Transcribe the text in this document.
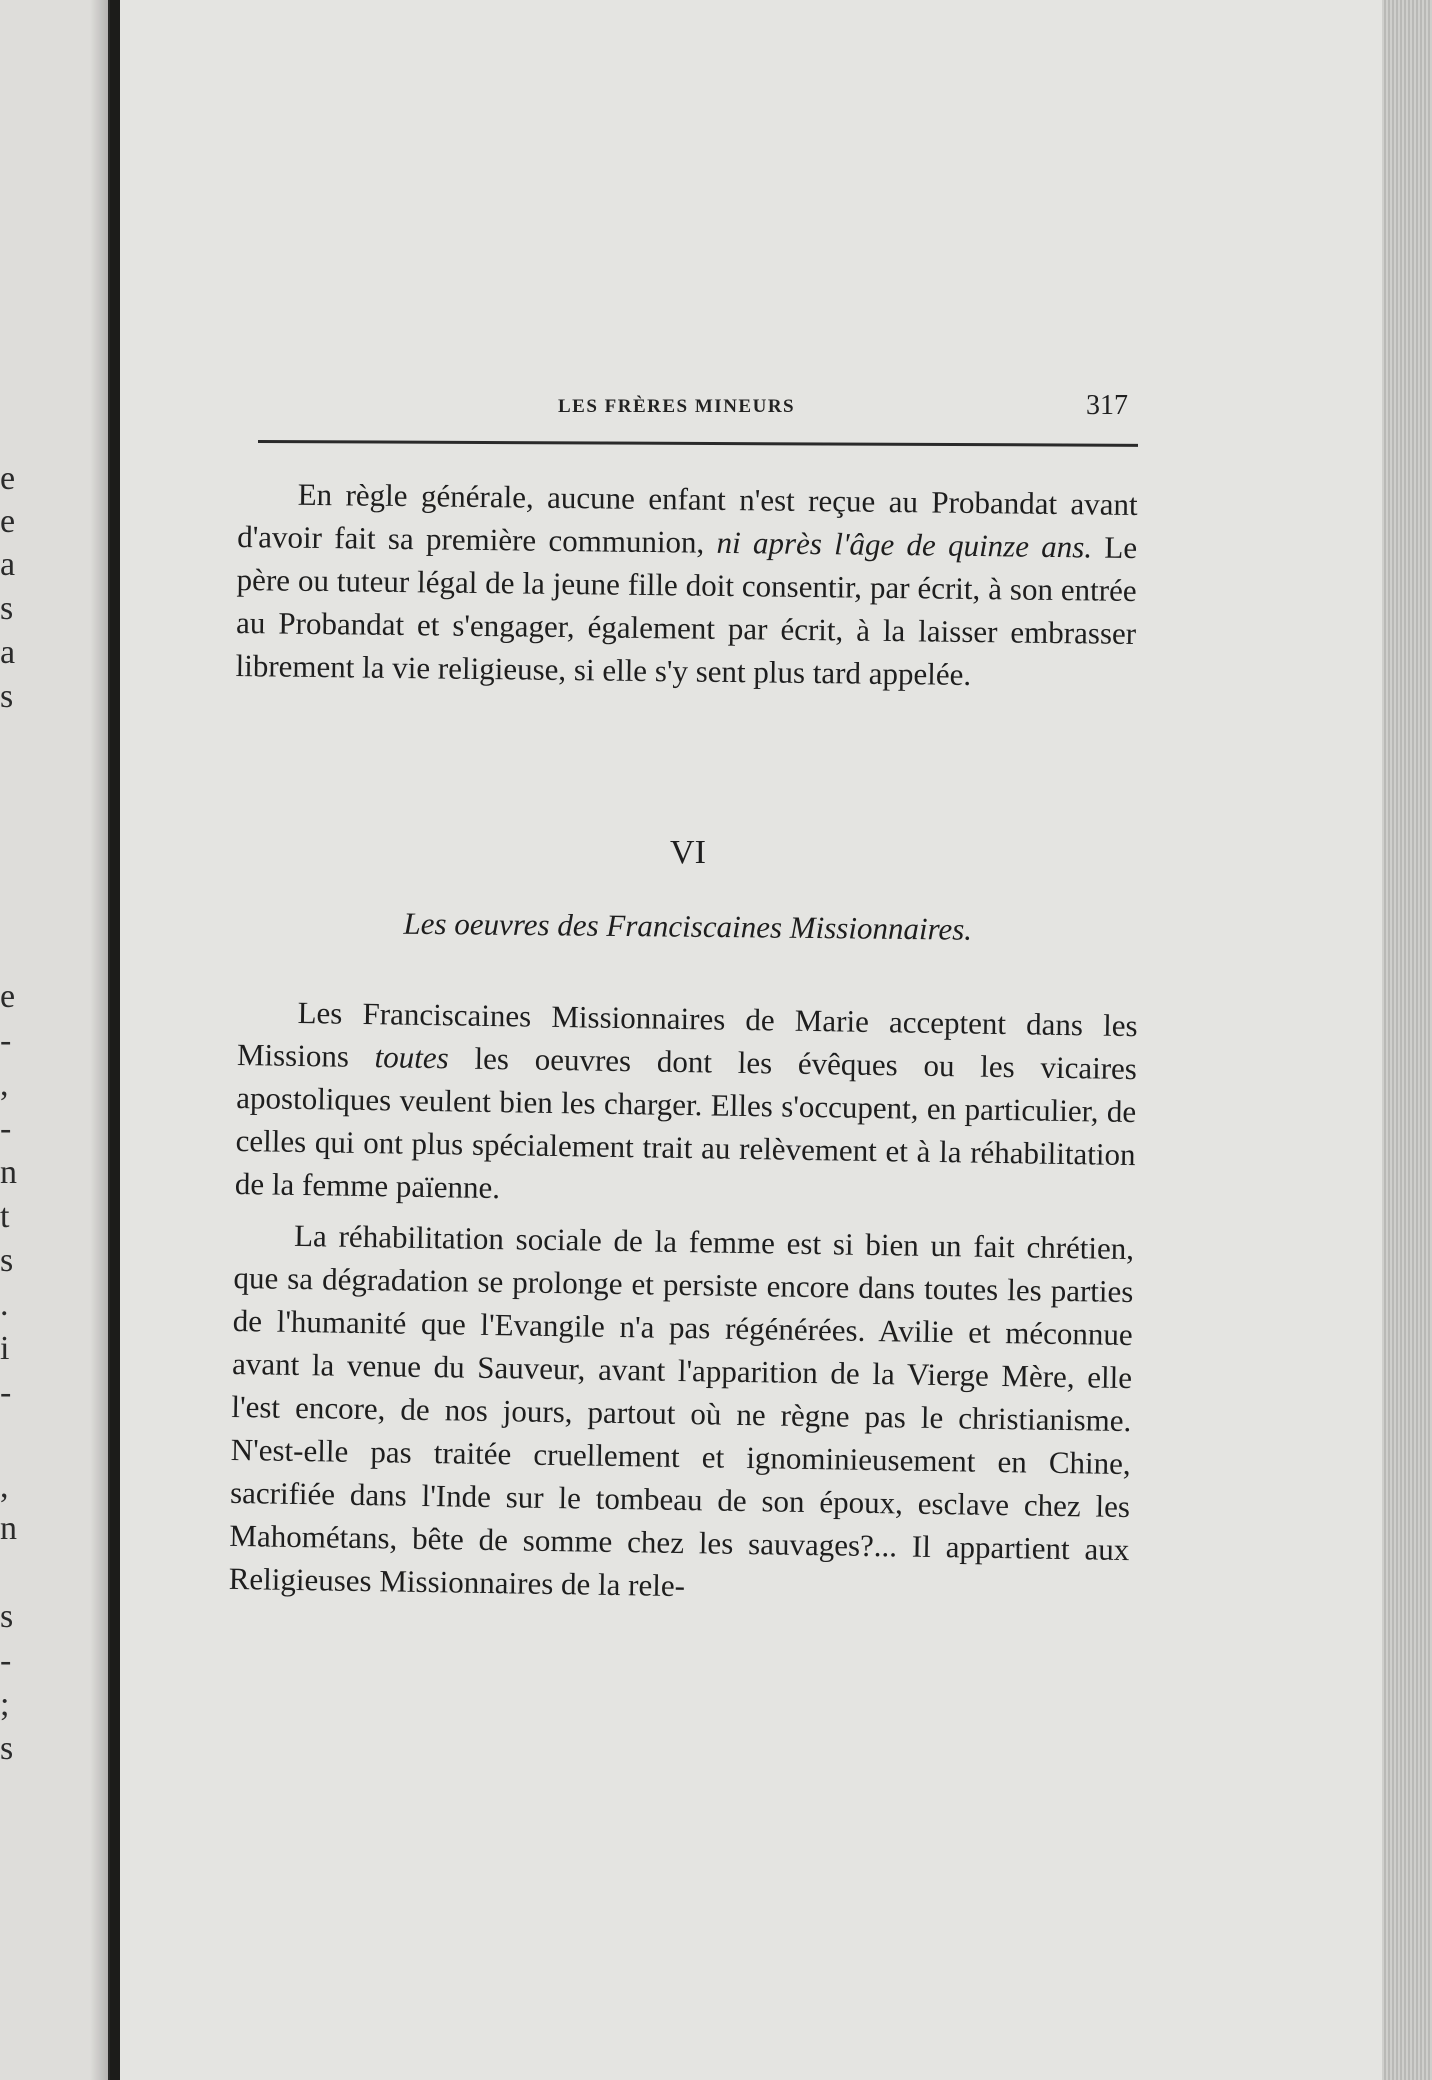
e
e
a
s
a
s
e
-
,
-
n
t
s
.
i
-
,
n
s
-
;
s
LES FRÈRES MINEURS	317

En règle générale, aucune enfant n'est reçue au Probandat avant d'avoir fait sa première communion, ni après l'âge de quinze ans. Le père ou tuteur légal de la jeune fille doit consentir, par écrit, à son entrée au Probandat et s'engager, également par écrit, à la laisser embrasser librement la vie religieuse, si elle s'y sent plus tard appelée.

VI
Les oeuvres des Franciscaines Missionnaires.

Les Franciscaines Missionnaires de Marie acceptent dans les Missions toutes les oeuvres dont les évêques ou les vicaires apostoliques veulent bien les charger. Elles s'occupent, en particulier, de celles qui ont plus spécialement trait au relèvement et à la réhabilitation de la femme païenne.

La réhabilitation sociale de la femme est si bien un fait chrétien, que sa dégradation se prolonge et persiste encore dans toutes les parties de l'humanité que l'Evangile n'a pas régénérées. Avilie et méconnue avant la venue du Sauveur, avant l'apparition de la Vierge Mère, elle l'est encore, de nos jours, partout où ne règne pas le christianisme. N'est-elle pas traitée cruellement et ignominieusement en Chine, sacrifiée dans l'Inde sur le tombeau de son époux, esclave chez les Mahométans, bête de somme chez les sauvages?... Il appartient aux Religieuses Missionnaires de la rele-
